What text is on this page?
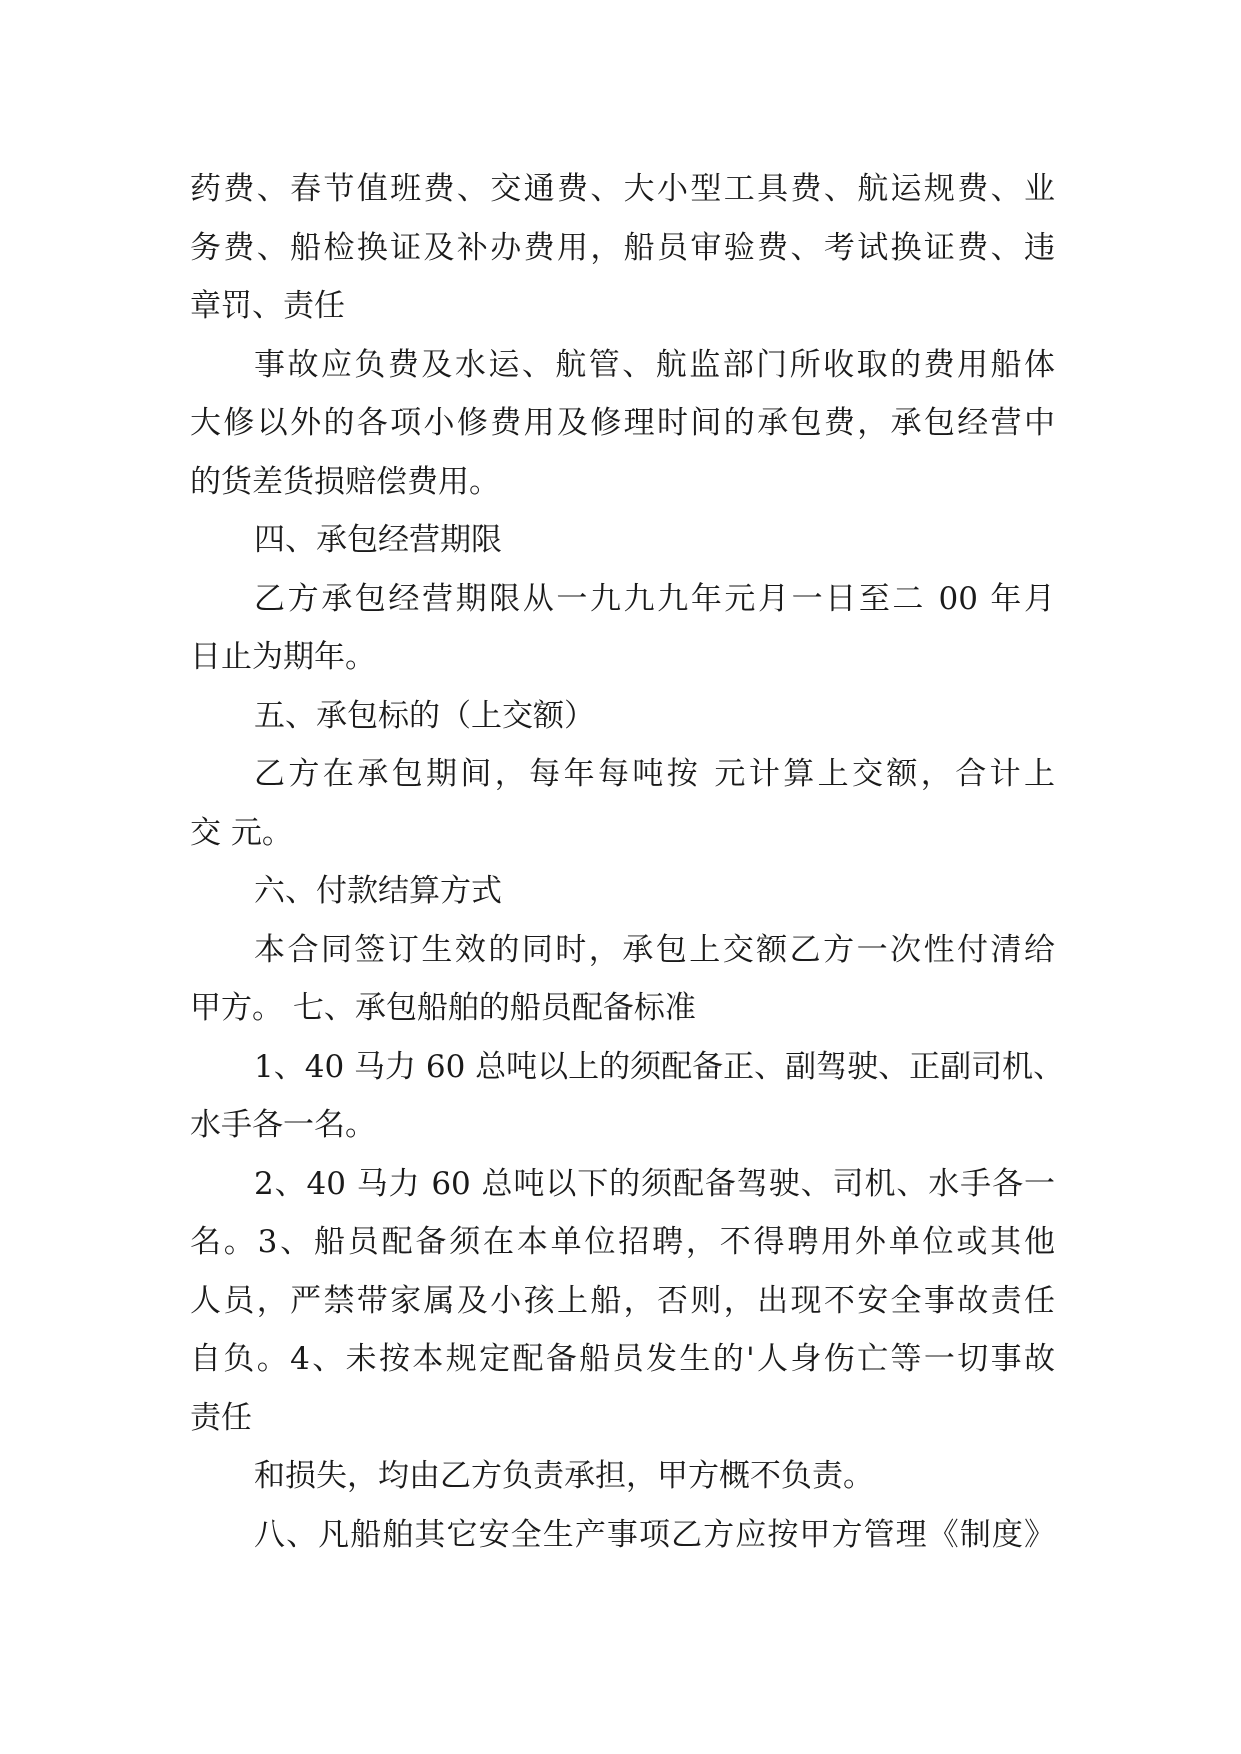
药费、春节值班费、交通费、大小型工具费、航运规费、业
务费、船检换证及补办费用，船员审验费、考试换证费、违
章罚、责任
事故应负费及水运、航管、航监部门所收取的费用船体
大修以外的各项小修费用及修理时间的承包费，承包经营中
的货差货损赔偿费用。
四、承包经营期限
乙方承包经营期限从一九九九年元月一日至二 00 年月
日止为期年。
五、承包标的（上交额）
乙方在承包期间，每年每吨按 元计算上交额，合计上
交 元。
六、付款结算方式
本合同签订生效的同时，承包上交额乙方一次性付清给
甲方。 七、承包船舶的船员配备标准
1、40 马力 60 总吨以上的须配备正、副驾驶、正副司机、
水手各一名。
2、40 马力 60 总吨以下的须配备驾驶、司机、水手各一
名。3、船员配备须在本单位招聘，不得聘用外单位或其他
人员，严禁带家属及小孩上船，否则，出现不安全事故责任
自负。4、未按本规定配备船员发生的'人身伤亡等一切事故
责任
和损失，均由乙方负责承担，甲方概不负责。
八、凡船舶其它安全生产事项乙方应按甲方管理《制度》
